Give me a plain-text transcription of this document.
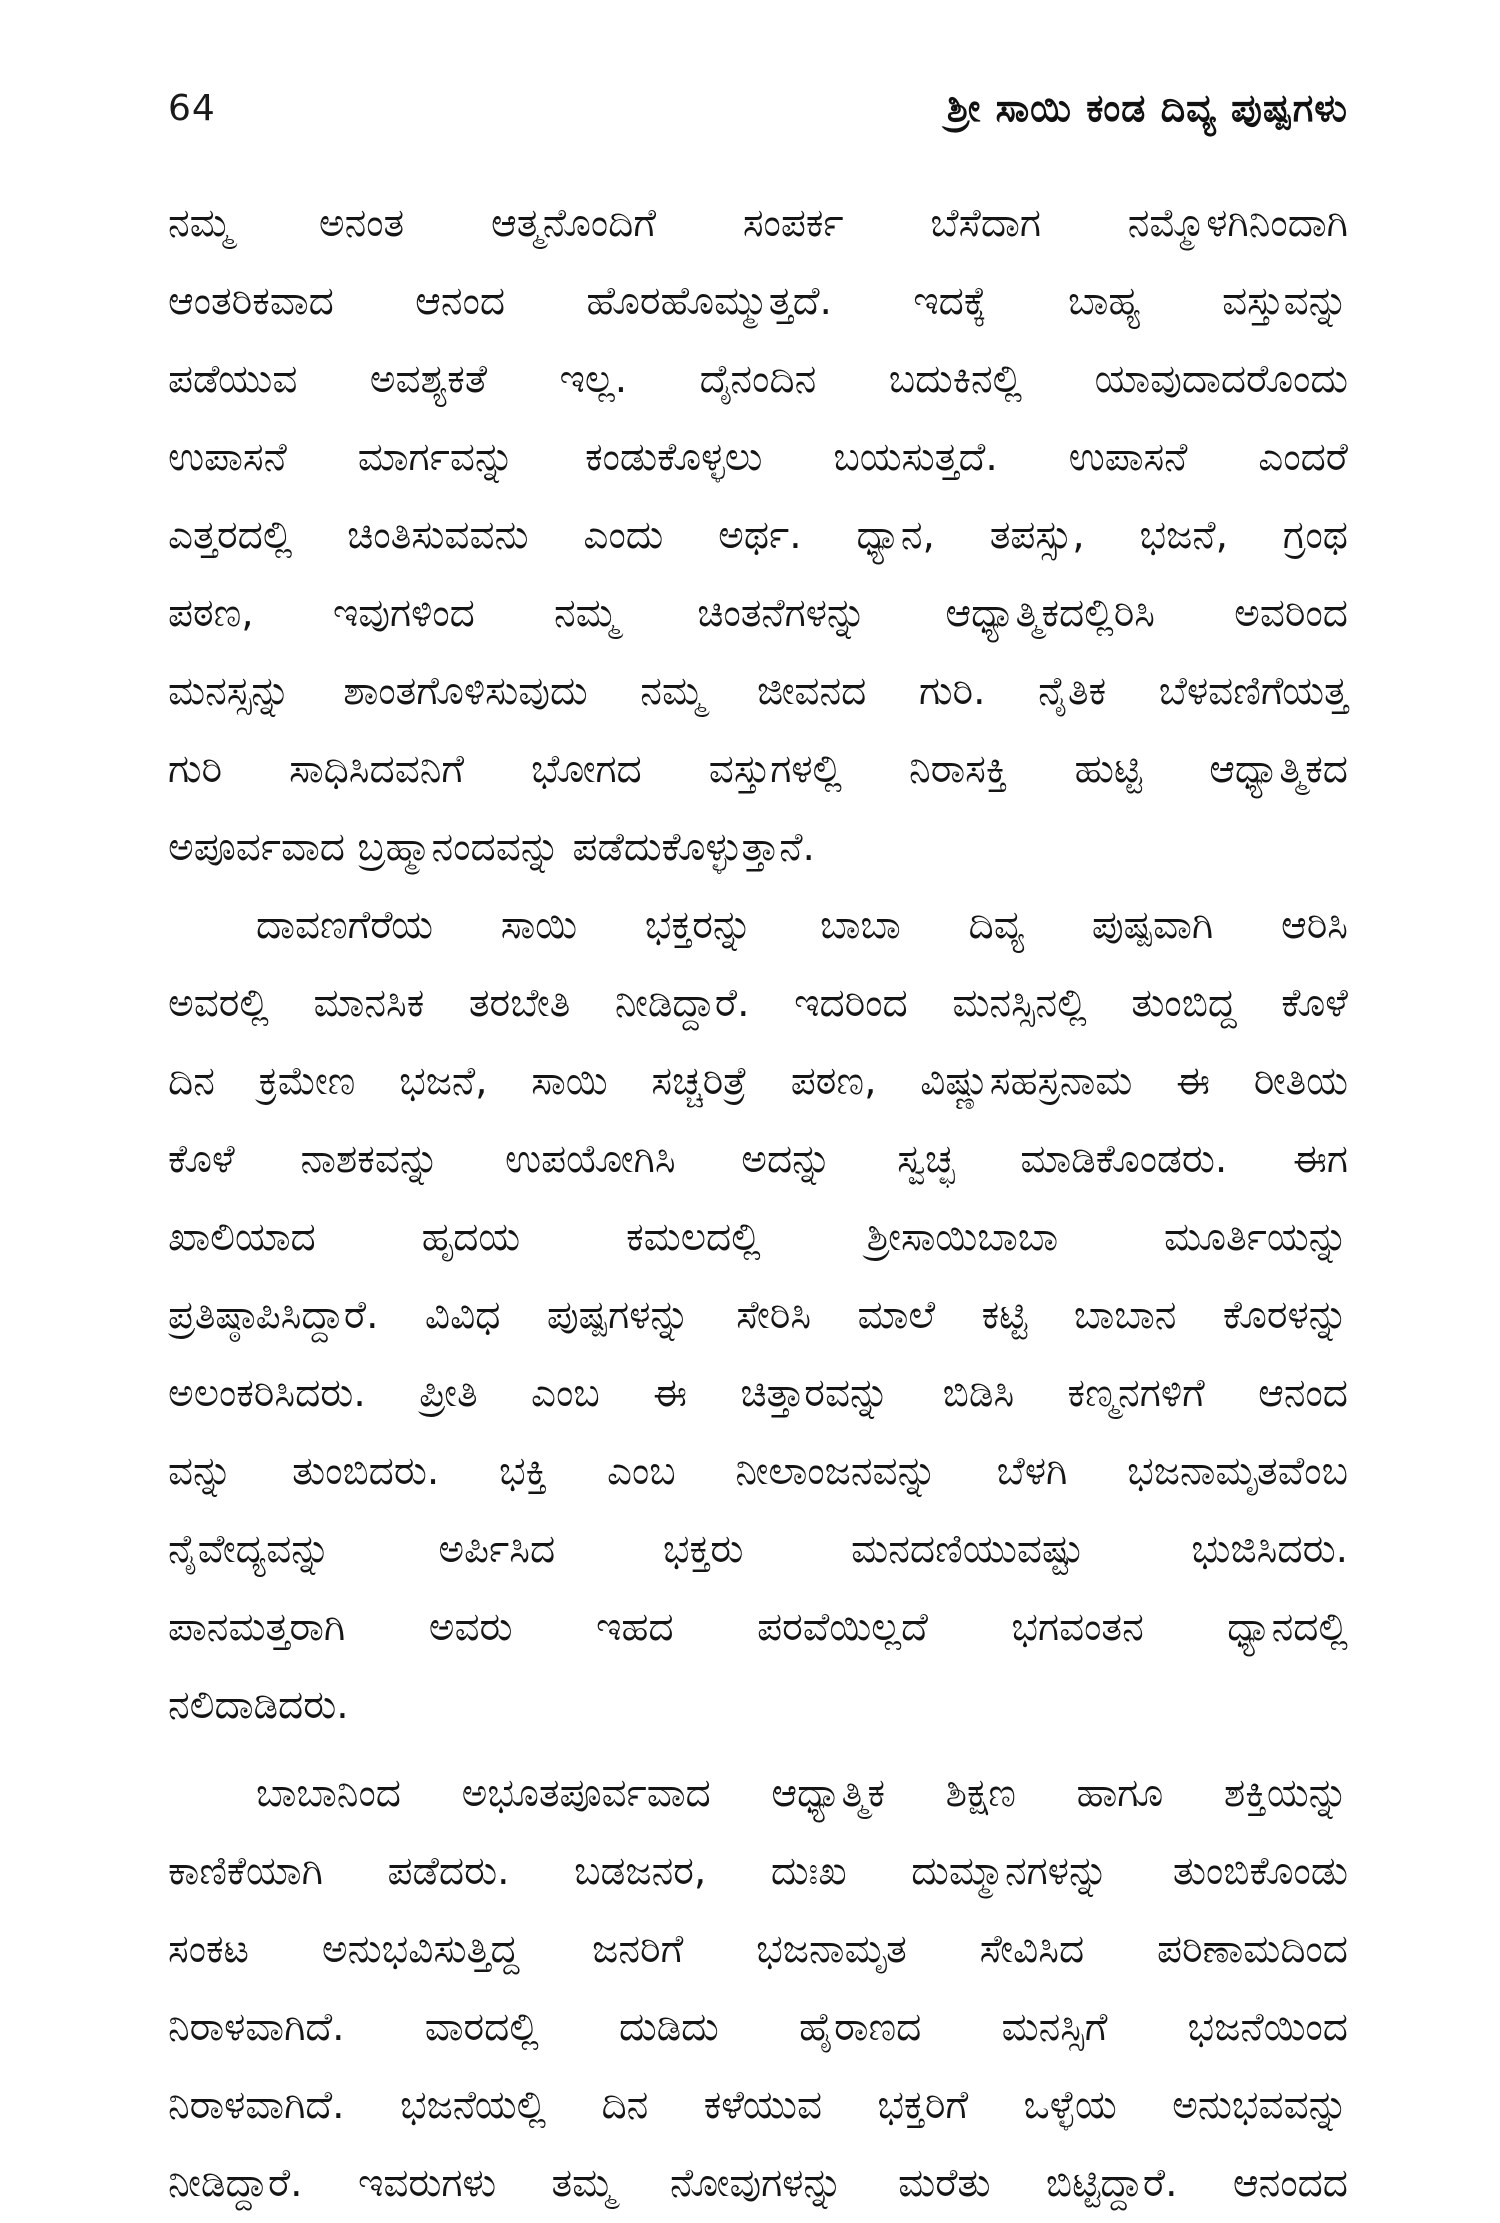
64	ಶ್ರೀ ಸಾಯಿ ಕಂಡ ದಿವ್ಯ ಪುಷ್ಪಗಳು
ನಮ್ಮ ಅನಂತ ಆತ್ಮನೊಂದಿಗೆ ಸಂಪರ್ಕ ಬೆಸೆದಾಗ ನಮ್ಮೊಳಗಿನಿಂದಾಗಿ
ಆಂತರಿಕವಾದ ಆನಂದ ಹೊರಹೊಮ್ಮುತ್ತದೆ. ಇದಕ್ಕೆ ಬಾಹ್ಯ ವಸ್ತುವನ್ನು
ಪಡೆಯುವ ಅವಶ್ಯಕತೆ ಇಲ್ಲ. ದೈನಂದಿನ ಬದುಕಿನಲ್ಲಿ ಯಾವುದಾದರೊಂದು
ಉಪಾಸನೆ ಮಾರ್ಗವನ್ನು ಕಂಡುಕೊಳ್ಳಲು ಬಯಸುತ್ತದೆ. ಉಪಾಸನೆ ಎಂದರೆ
ಎತ್ತರದಲ್ಲಿ ಚಿಂತಿಸುವವನು ಎಂದು ಅರ್ಥ. ಧ್ಯಾನ, ತಪಸ್ಸು, ಭಜನೆ, ಗ್ರಂಥ
ಪಠಣ, ಇವುಗಳಿಂದ ನಮ್ಮ ಚಿಂತನೆಗಳನ್ನು ಆಧ್ಯಾತ್ಮಿಕದಲ್ಲಿರಿಸಿ ಅವರಿಂದ
ಮನಸ್ಸನ್ನು ಶಾಂತಗೊಳಿಸುವುದು ನಮ್ಮ ಜೀವನದ ಗುರಿ. ನೈತಿಕ ಬೆಳವಣಿಗೆಯತ್ತ
ಗುರಿ ಸಾಧಿಸಿದವನಿಗೆ ಭೋಗದ ವಸ್ತುಗಳಲ್ಲಿ ನಿರಾಸಕ್ತಿ ಹುಟ್ಟಿ ಆಧ್ಯಾತ್ಮಿಕದ
ಅಪೂರ್ವವಾದ ಬ್ರಹ್ಮಾನಂದವನ್ನು ಪಡೆದುಕೊಳ್ಳುತ್ತಾನೆ.
ದಾವಣಗೆರೆಯ ಸಾಯಿ ಭಕ್ತರನ್ನು ಬಾಬಾ ದಿವ್ಯ ಪುಷ್ಪವಾಗಿ ಆರಿಸಿ
ಅವರಲ್ಲಿ ಮಾನಸಿಕ ತರಬೇತಿ ನೀಡಿದ್ದಾರೆ. ಇದರಿಂದ ಮನಸ್ಸಿನಲ್ಲಿ ತುಂಬಿದ್ದ ಕೊಳೆ
ದಿನ ಕ್ರಮೇಣ ಭಜನೆ, ಸಾಯಿ ಸಚ್ಚರಿತ್ರೆ ಪಠಣ, ವಿಷ್ಣುಸಹಸ್ರನಾಮ ಈ ರೀತಿಯ
ಕೊಳೆ ನಾಶಕವನ್ನು ಉಪಯೋಗಿಸಿ ಅದನ್ನು ಸ್ವಚ್ಛ ಮಾಡಿಕೊಂಡರು. ಈಗ
ಖಾಲಿಯಾದ ಹೃದಯ ಕಮಲದಲ್ಲಿ ಶ್ರೀಸಾಯಿಬಾಬಾ ಮೂರ್ತಿಯನ್ನು
ಪ್ರತಿಷ್ಠಾಪಿಸಿದ್ದಾರೆ. ವಿವಿಧ ಪುಷ್ಪಗಳನ್ನು ಸೇರಿಸಿ ಮಾಲೆ ಕಟ್ಟಿ ಬಾಬಾನ ಕೊರಳನ್ನು
ಅಲಂಕರಿಸಿದರು. ಪ್ರೀತಿ ಎಂಬ ಈ ಚಿತ್ತಾರವನ್ನು ಬಿಡಿಸಿ ಕಣ್ಮನಗಳಿಗೆ ಆನಂದ
ವನ್ನು ತುಂಬಿದರು. ಭಕ್ತಿ ಎಂಬ ನೀಲಾಂಜನವನ್ನು ಬೆಳಗಿ ಭಜನಾಮೃತವೆಂಬ
ನೈವೇದ್ಯವನ್ನು ಅರ್ಪಿಸಿದ ಭಕ್ತರು ಮನದಣಿಯುವಷ್ಟು ಭುಜಿಸಿದರು.
ಪಾನಮತ್ತರಾಗಿ ಅವರು ಇಹದ ಪರವೆಯಿಲ್ಲದೆ ಭಗವಂತನ ಧ್ಯಾನದಲ್ಲಿ
ನಲಿದಾಡಿದರು.
ಬಾಬಾನಿಂದ ಅಭೂತಪೂರ್ವವಾದ ಆಧ್ಯಾತ್ಮಿಕ ಶಿಕ್ಷಣ ಹಾಗೂ ಶಕ್ತಿಯನ್ನು
ಕಾಣಿಕೆಯಾಗಿ ಪಡೆದರು. ಬಡಜನರ, ದುಃಖ ದುಮ್ಮಾನಗಳನ್ನು ತುಂಬಿಕೊಂಡು
ಸಂಕಟ ಅನುಭವಿಸುತ್ತಿದ್ದ ಜನರಿಗೆ ಭಜನಾಮೃತ ಸೇವಿಸಿದ ಪರಿಣಾಮದಿಂದ
ನಿರಾಳವಾಗಿದೆ. ವಾರದಲ್ಲಿ ದುಡಿದು ಹೈರಾಣದ ಮನಸ್ಸಿಗೆ ಭಜನೆಯಿಂದ
ನಿರಾಳವಾಗಿದೆ. ಭಜನೆಯಲ್ಲಿ ದಿನ ಕಳೆಯುವ ಭಕ್ತರಿಗೆ ಒಳ್ಳೆಯ ಅನುಭವವನ್ನು
ನೀಡಿದ್ದಾರೆ. ಇವರುಗಳು ತಮ್ಮ ನೋವುಗಳನ್ನು ಮರೆತು ಬಿಟ್ಟಿದ್ದಾರೆ. ಆನಂದದ
